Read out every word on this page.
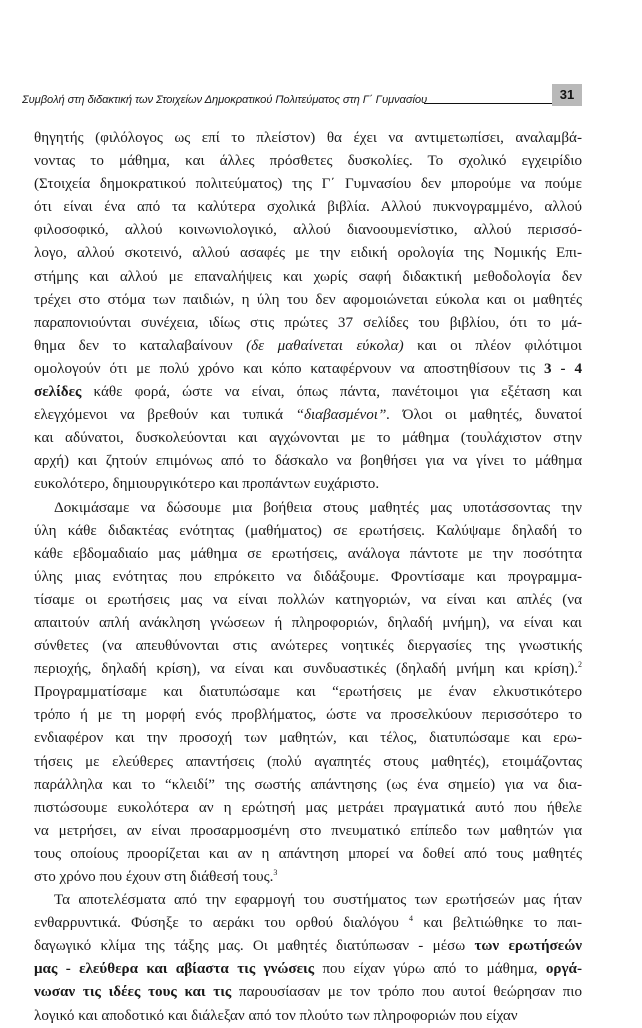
Συμβολή στη διδακτική των Στοιχείων Δημοκρατικού Πολιτεύματος στη Γ΄ Γυμνασίου	31
θηγητής (φιλόλογος ως επί το πλείστον) θα έχει να αντιμετωπίσει, αναλαμβά-
νοντας το μάθημα, και άλλες πρόσθετες δυσκολίες. Το σχολικό εγχειρίδιο
(Στοιχεία δημοκρατικού πολιτεύματος) της Γ΄ Γυμνασίου δεν μπορούμε να πούμε
ότι είναι ένα από τα καλύτερα σχολικά βιβλία. Αλλού πυκνογραμμένο, αλλού
φιλοσοφικό, αλλού κοινωνιολογικό, αλλού διανοουμενίστικο, αλλού περισσό-
λογο, αλλού σκοτεινό, αλλού ασαφές με την ειδική ορολογία της Νομικής Επι-
στήμης και αλλού με επαναλήψεις και χωρίς σαφή διδακτική μεθοδολογία δεν
τρέχει στο στόμα των παιδιών, η ύλη του δεν αφομοιώνεται εύκολα και οι μαθητές
παραπονιούνται συνέχεια, ιδίως στις πρώτες 37 σελίδες του βιβλίου, ότι το μά-
θημα δεν το καταλαβαίνουν (δε μαθαίνεται εύκολα) και οι πλέον φιλότιμοι
ομολογούν ότι με πολύ χρόνο και κόπο καταφέρνουν να αποστηθίσουν τις 3 - 4
σελίδες κάθε φορά, ώστε να είναι, όπως πάντα, πανέτοιμοι για εξέταση και
ελεγχόμενοι να βρεθούν και τυπικά “διαβασμένοι”. Όλοι οι μαθητές, δυνατοί
και αδύνατοι, δυσκολεύονται και αγχώνονται με το μάθημα (τουλάχιστον στην
αρχή) και ζητούν επιμόνως από το δάσκαλο να βοηθήσει για να γίνει το μάθημα
ευκολότερο, δημιουργικότερο και πρoπάντων ευχάριστο.
Δοκιμάσαμε να δώσουμε μια βοήθεια στους μαθητές μας υποτάσσοντας την
ύλη κάθε διδακτέας ενότητας (μαθήματος) σε ερωτήσεις. Καλύψαμε δηλαδή το
κάθε εβδομαδιαίο μας μάθημα σε ερωτήσεις, ανάλογα πάντοτε με την ποσότητα
ύλης μιας ενότητας που επρόκειτο να διδάξουμε. Φροντίσαμε και προγραμμα-
τίσαμε οι ερωτήσεις μας να είναι πολλών κατηγοριών, να είναι και απλές (να
απαιτούν απλή ανάκληση γνώσεων ή πληροφοριών, δηλαδή μνήμη), να είναι και
σύνθετες (να απευθύνονται στις ανώτερες νοητικές διεργασίες της γνωστικής
περιοχής, δηλαδή κρίση), να είναι και συνδυαστικές (δηλαδή μνήμη και κρίση).$^2$
Προγραμματίσαμε και διατυπώσαμε και “ερωτήσεις με έναν ελκυστικότερο
τρόπο ή με τη μορφή ενός προβλήματος, ώστε να προσελκύουν περισσότερο το
ενδιαφέρον και την προσοχή των μαθητών, και τέλος, διατυπώσαμε και ερω-
τήσεις με ελεύθερες απαντήσεις (πολύ αγαπητές στους μαθητές), ετοιμάζοντας
παράλληλα και το “κλειδί” της σωστής απάντησης (ως ένα σημείο) για να δια-
πιστώσουμε ευκολότερα αν η ερώτησή μας μετράει πραγματικά αυτό που ήθελε
να μετρήσει, αν είναι προσαρμοσμένη στο πνευματικό επίπεδο των μαθητών για
τους οποίους προορίζεται και αν η απάντηση μπορεί να δοθεί από τους μαθητές
στο χρόνο που έχουν στη διάθεσή τους.$^3$
Τα αποτελέσματα από την εφαρμογή του συστήματος των ερωτήσεών μας ήταν
ενθαρρυντικά. Φύσηξε το αεράκι του ορθού διαλόγου $^4$ και βελτιώθηκε το παι-
δαγωγικό κλίμα της τάξης μας. Οι μαθητές διατύπωσαν - μέσω των ερωτήσεών
μας - ελεύθερα και αβίαστα τις γνώσεις που είχαν γύρω από το μάθημα, οργά-
νωσαν τις ιδέες τους και τις παρουσίασαν με τον τρόπο που αυτοί θεώρησαν πιο
λογικό και αποδοτικό και διάλεξαν από τον πλούτο των πληροφοριών που είχαν
